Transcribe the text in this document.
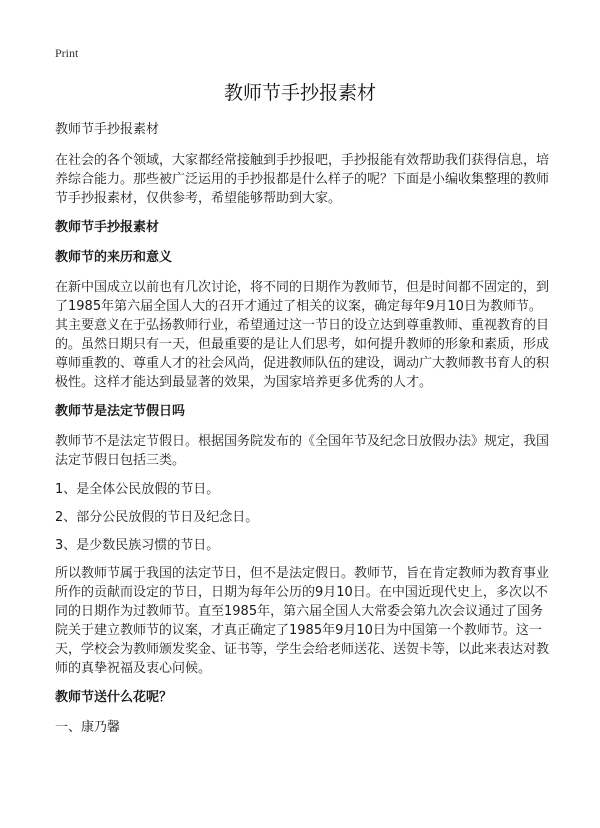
Print
教师节手抄报素材

教师节手抄报素材

在社会的各个领域，大家都经常接触到手抄报吧，手抄报能有效帮助我们获得信息，培养综合能力。那些被广泛运用的手抄报都是什么样子的呢？下面是小编收集整理的教师节手抄报素材，仅供参考，希望能够帮助到大家。

教师节手抄报素材

教师节的来历和意义

在新中国成立以前也有几次讨论，将不同的日期作为教师节，但是时间都不固定的，到了1985年第六届全国人大的召开才通过了相关的议案，确定每年9月10日为教师节。其主要意义在于弘扬教师行业，希望通过这一节日的设立达到尊重教师、重视教育的目的。虽然日期只有一天，但最重要的是让人们思考，如何提升教师的形象和素质，形成尊师重教的、尊重人才的社会风尚，促进教师队伍的建设，调动广大教师教书育人的积极性。这样才能达到最显著的效果，为国家培养更多优秀的人才。

教师节是法定节假日吗

教师节不是法定节假日。根据国务院发布的《全国年节及纪念日放假办法》规定，我国法定节假日包括三类。

1、是全体公民放假的节日。

2、部分公民放假的节日及纪念日。

3、是少数民族习惯的节日。

所以教师节属于我国的法定节日，但不是法定假日。教师节，旨在肯定教师为教育事业所作的贡献而设定的节日，日期为每年公历的9月10日。在中国近现代史上，多次以不同的日期作为过教师节。直至1985年，第六届全国人大常委会第九次会议通过了国务院关于建立教师节的议案，才真正确定了1985年9月10日为中国第一个教师节。这一天，学校会为教师颁发奖金、证书等，学生会给老师送花、送贺卡等，以此来表达对教师的真挚祝福及衷心问候。

教师节送什么花呢？

一、康乃馨
